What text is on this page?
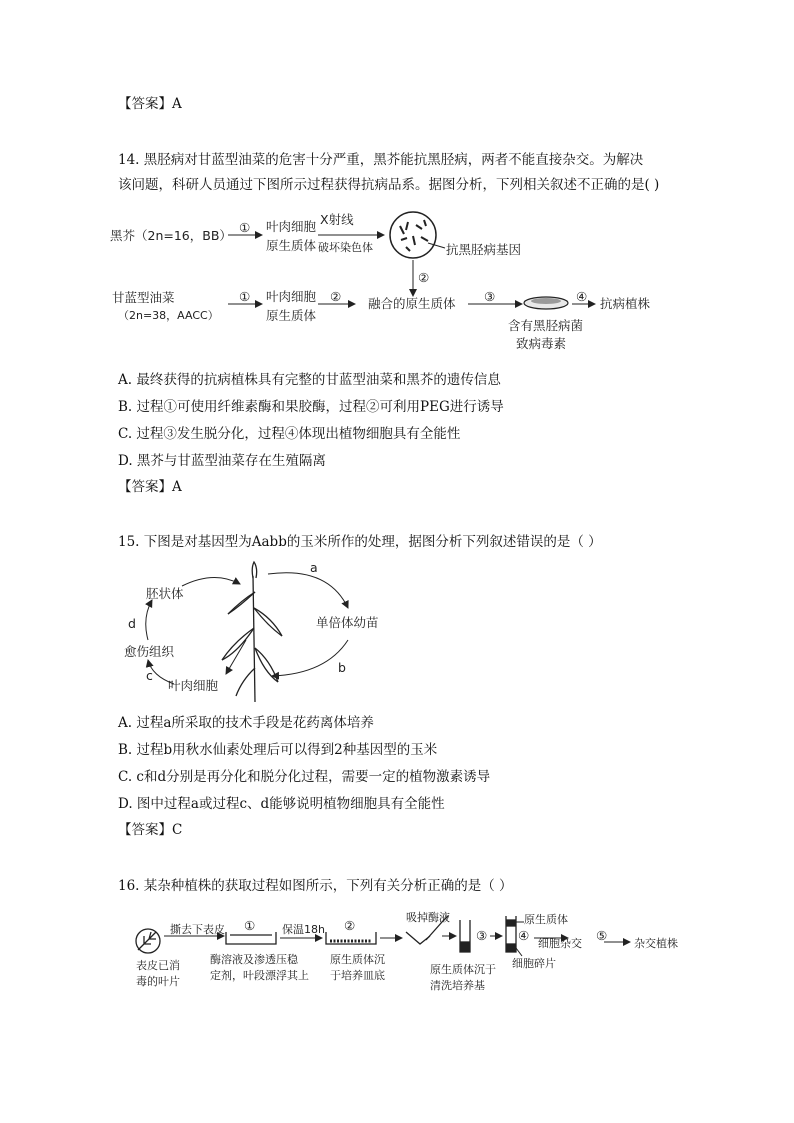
【答案】A
14. 黑胫病对甘蓝型油菜的危害十分严重，黑芥能抗黑胫病，两者不能直接杂交。为解决
该问题，科研人员通过下图所示过程获得抗病品系。据图分析，下列相关叙述不正确的是( )
黑芥（2n=16，BB）
① 叶肉细胞
原生质体
X射线
破坏染色体	抗黑胫病基因
②
甘蓝型油菜
（2n=38，AACC）
① 叶肉细胞
原生质体
② 融合的原生质体 ③
含有黑胫病菌
致病毒素
④ 抗病植株
A. 最终获得的抗病植株具有完整的甘蓝型油菜和黑芥的遗传信息
B. 过程①可使用纤维素酶和果胶酶，过程②可利用PEG进行诱导
C. 过程③发生脱分化，过程④体现出植物细胞具有全能性
D. 黑芥与甘蓝型油菜存在生殖隔离
【答案】A
15. 下图是对基因型为Aabb的玉米所作的处理，据图分析下列叙述错误的是（ ）
胚状体
d
愈伤组织
c
叶肉细胞
a
单倍体幼苗
b
A. 过程a所采取的技术手段是花药离体培养
B. 过程b用秋水仙素处理后可以得到2种基因型的玉米
C. c和d分别是再分化和脱分化过程，需要一定的植物激素诱导
D. 图中过程a或过程c、d能够说明植物细胞具有全能性
【答案】C
16. 某杂种植株的获取过程如图所示，下列有关分析正确的是（ ）
撕去下表皮 ① 保温18h ②
吸掉酶液
③
原生质体
④
细胞杂交
⑤
杂交植株
表皮已消
毒的叶片
酶溶液及渗透压稳
定剂，叶段漂浮其上
原生质体沉
于培养皿底	原生质体沉于
清洗培养基
细胞碎片
